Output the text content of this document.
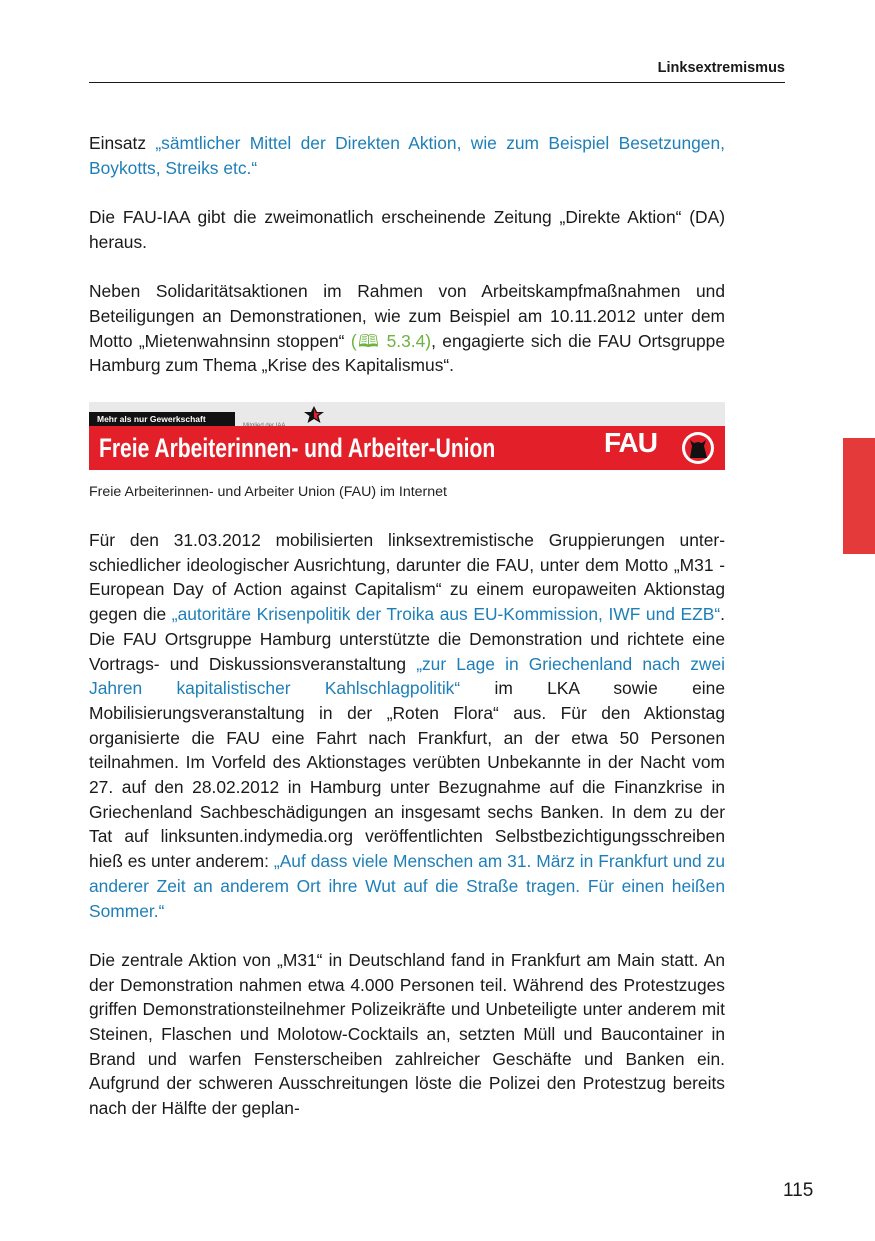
Linksextremismus

Einsatz „sämtlicher Mittel der Direkten Aktion, wie zum Beispiel Besetzungen, Boykotts, Streiks etc.“

Die FAU-IAA gibt die zweimonatlich erscheinende Zeitung „Direkte Aktion“ (DA) heraus.

Neben Solidaritätsaktionen im Rahmen von Arbeitskampfmaßnahmen und Beteiligungen an Demonstrationen, wie zum Beispiel am 10.11.2012 unter dem Motto „Mietenwahnsinn stoppen“ (🕮 5.3.4), engagierte sich die FAU Ortsgruppe Hamburg zum Thema „Krise des Kapitalismus“.

Mehr als nur Gewerkschaft
Freie Arbeiterinnen- und Arbeiter-Union	FAU
Freie Arbeiterinnen- und Arbeiter Union (FAU) im Internet

Für den 31.03.2012 mobilisierten linksextremistische Gruppierungen unterschiedlicher ideologischer Ausrichtung, darunter die FAU, unter dem Motto „M31 - European Day of Action against Capitalism“ zu einem europaweiten Aktionstag gegen die „autoritäre Krisenpolitik der Troika aus EU-Kommission, IWF und EZB“. Die FAU Ortsgruppe Hamburg unterstützte die Demonstration und richtete eine Vortrags- und Diskussionsveranstaltung „zur Lage in Griechenland nach zwei Jahren kapitalistischer Kahlschlagpolitik“ im LKA sowie eine Mobilisierungsveranstaltung in der „Roten Flora“ aus. Für den Aktionstag organisierte die FAU eine Fahrt nach Frankfurt, an der etwa 50 Personen teilnahmen. Im Vorfeld des Aktionstages verübten Unbekannte in der Nacht vom 27. auf den 28.02.2012 in Hamburg unter Bezugnahme auf die Finanzkrise in Griechenland Sachbeschädigungen an insgesamt sechs Banken. In dem zu der Tat auf linksunten.indymedia.org veröffentlichten Selbstbezichtigungsschreiben hieß es unter anderem: „Auf dass viele Menschen am 31. März in Frankfurt und zu anderer Zeit an anderem Ort ihre Wut auf die Straße tragen. Für einen heißen Sommer.“

Die zentrale Aktion von „M31“ in Deutschland fand in Frankfurt am Main statt. An der Demonstration nahmen etwa 4.000 Personen teil. Während des Protestzuges griffen Demonstrationsteilnehmer Polizeikräfte und Unbeteiligte unter anderem mit Steinen, Flaschen und Molotow-Cocktails an, setzten Müll und Baucontainer in Brand und warfen Fensterscheiben zahlreicher Geschäfte und Banken ein. Aufgrund der schweren Ausschreitungen löste die Polizei den Protestzug bereits nach der Hälfte der geplan-

115
